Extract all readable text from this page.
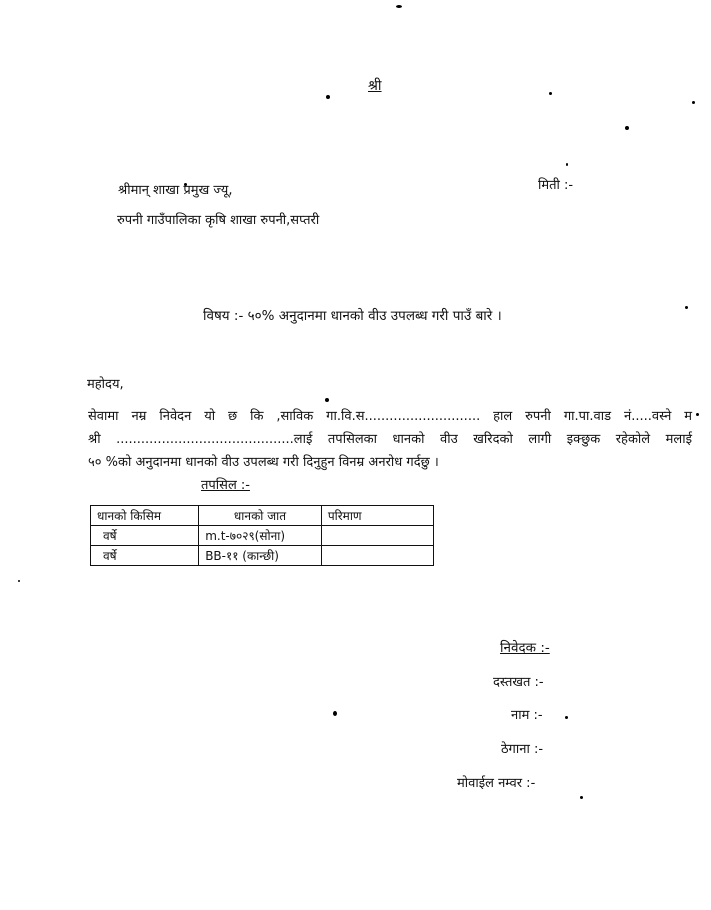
श्री
श्रीमान् शाखा प्रमुख ज्यू,	मिती :-
रुपनी गाउँपालिका कृषि शाखा रुपनी,सप्तरी
विषय :- ५०% अनुदानमा धानको वीउ उपलब्ध गरी पाउँ बारे ।
महोदय,
सेवामा नम्र निवेदन यो छ कि ,साविक गा.वि.स............................ हाल रुपनी गा.पा.वाड नं.....वस्ने म
श्री ...........................................लाई तपसिलका धानको वीउ खरिदको लागी इक्छुक रहेकोले मलाई
५० %को अनुदानमा धानको वीउ उपलब्ध गरी दिनुहुन विनम्र अनरोध गर्दछु ।
तपसिल :-
धानको किसिम	धानको जात	परिमाण
वर्षे	m.t-७०२९(सोना)	
वर्षे	BB-११ (कान्छी)	
निवेदक :-
दस्तखत :-
नाम :-
ठेगाना :-
मोवाईल नम्वर :-
